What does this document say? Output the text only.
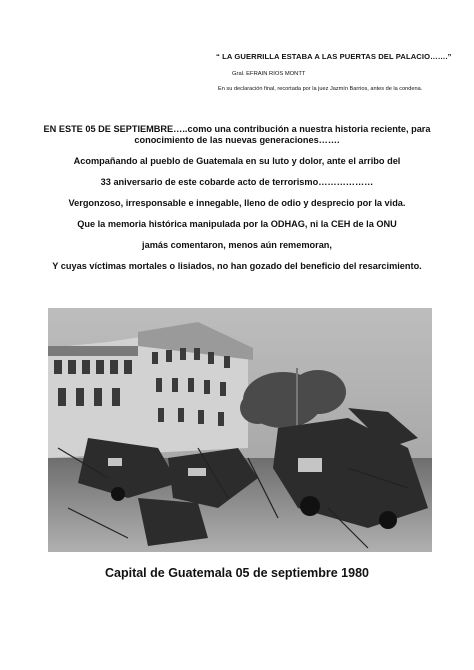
“ LA GUERRILLA ESTABA A LAS PUERTAS DEL PALACIO…….”
Gral. EFRAIN RIOS MONTT
En su declaración final, recortada por la juez Jazmín Barrios, antes de la condena.
EN ESTE 05 DE SEPTIEMBRE…..como una contribución a nuestra historia reciente, para
conocimiento de las nuevas generaciones…….
Acompañando al pueblo de Guatemala en su luto y dolor, ante el arribo del
33 aniversario de este cobarde acto de terrorismo………………
Vergonzoso, irresponsable e innegable, lleno de odio y desprecio por la vida.
Que la memoria histórica manipulada por la ODHAG, ni la CEH de la ONU
jamás comentaron, menos aún rememoran,
Y cuyas víctimas mortales o lisiados, no han gozado del beneficio del resarcimiento.
Capital de Guatemala 05 de septiembre 1980
